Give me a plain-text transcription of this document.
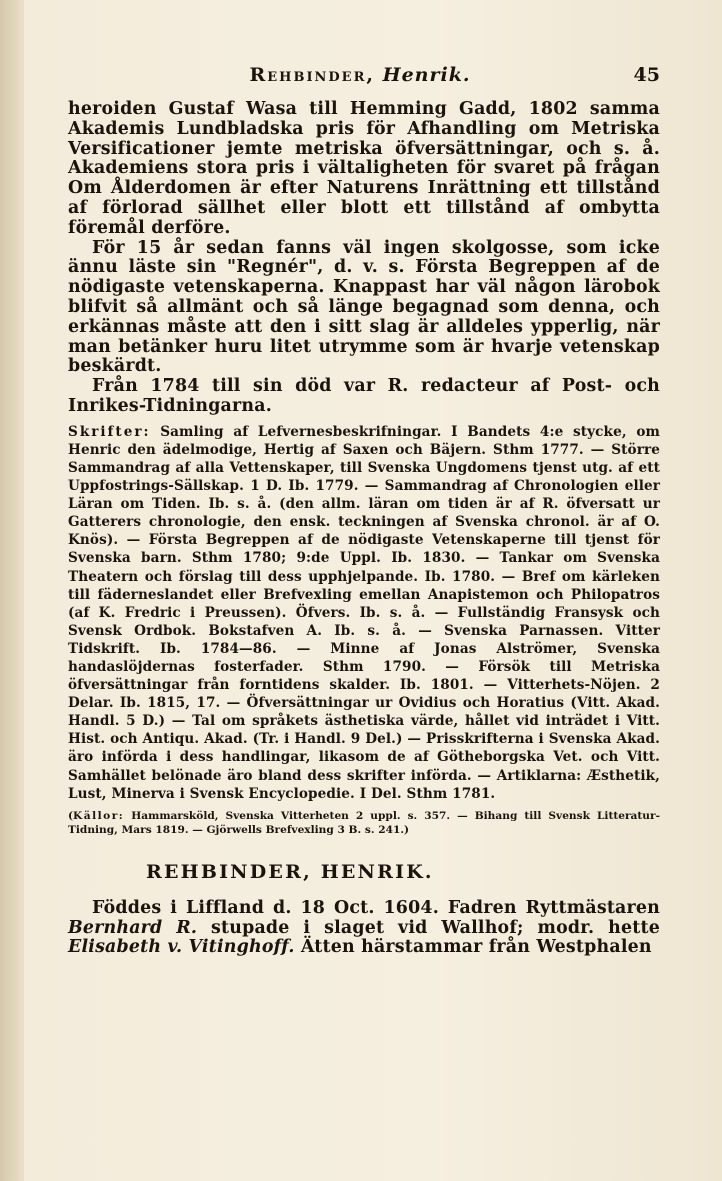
Rehbinder, Henrik.	45

heroiden Gustaf Wasa till Hemming Gadd, 1802 samma Akademis Lundbladska pris för Afhandling om Metriska Versificationer jemte metriska öfversättningar, och s. å. Akademiens stora pris i vältaligheten för svaret på frågan Om Ålderdomen är efter Naturens Inrättning ett tillstånd af förlorad sällhet eller blott ett tillstånd af ombytta föremål derföre.

För 15 år sedan fanns väl ingen skolgosse, som icke ännu läste sin "Regnér", d. v. s. Första Begreppen af de nödigaste vetenskaperna. Knappast har väl någon lärobok blifvit så allmänt och så länge begagnad som denna, och erkännas måste att den i sitt slag är alldeles ypperlig, när man betänker huru litet utrymme som är hvarje vetenskap beskärdt.

Från 1784 till sin död var R. redacteur af Post- och Inrikes-Tidningarna.

Skrifter: Samling af Lefvernesbeskrifningar. I Bandets 4:e stycke, om Henric den ädelmodige, Hertig af Saxen och Bäjern. Sthm 1777. — Större Sammandrag af alla Vettenskaper, till Svenska Ungdomens tjenst utg. af ett Uppfostrings-Sällskap. 1 D. Ib. 1779. — Sammandrag af Chronologien eller Läran om Tiden. Ib. s. å. (den allm. läran om tiden är af R. öfversatt ur Gatterers chronologie, den ensk. teckningen af Svenska chronol. är af O. Knös). — Första Begreppen af de nödigaste Vetenskaperne till tjenst för Svenska barn. Sthm 1780; 9:de Uppl. Ib. 1830. — Tankar om Svenska Theatern och förslag till dess upphjelpande. Ib. 1780. — Bref om kärleken till fäderneslandet eller Brefvexling emellan Anapistemon och Philopatros (af K. Fredric i Preussen). Öfvers. Ib. s. å. — Fullständig Fransysk och Svensk Ordbok. Bokstafven A. Ib. s. å. — Svenska Parnassen. Vitter Tidskrift. Ib. 1784—86. — Minne af Jonas Alströmer, Svenska handaslöjdernas fosterfader. Sthm 1790. — Försök till Metriska öfversättningar från forntidens skalder. Ib. 1801. — Vitterhets-Nöjen. 2 Delar. Ib. 1815, 17. — Öfversättningar ur Ovidius och Horatius (Vitt. Akad. Handl. 5 D.) — Tal om språkets ästhetiska värde, hållet vid inträdet i Vitt. Hist. och Antiqu. Akad. (Tr. i Handl. 9 Del.) — Prisskrifterna i Svenska Akad. äro införda i dess handlingar, likasom de af Götheborgska Vet. och Vitt. Samhället belönade äro bland dess skrifter införda. — Artiklarna: Æsthetik, Lust, Minerva i Svensk Encyclopedie. I Del. Sthm 1781.

(Källor: Hammarsköld, Svenska Vitterheten 2 uppl. s. 357. — Bihang till Svensk Litteratur-Tidning, Mars 1819. — Gjörwells Brefvexling 3 B. s. 241.)

REHBINDER, HENRIK.

Föddes i Liffland d. 18 Oct. 1604. Fadren Ryttmästaren Bernhard R. stupade i slaget vid Wallhof; modr. hette Elisabeth v. Vitinghoff. Ätten härstammar från Westphalen
